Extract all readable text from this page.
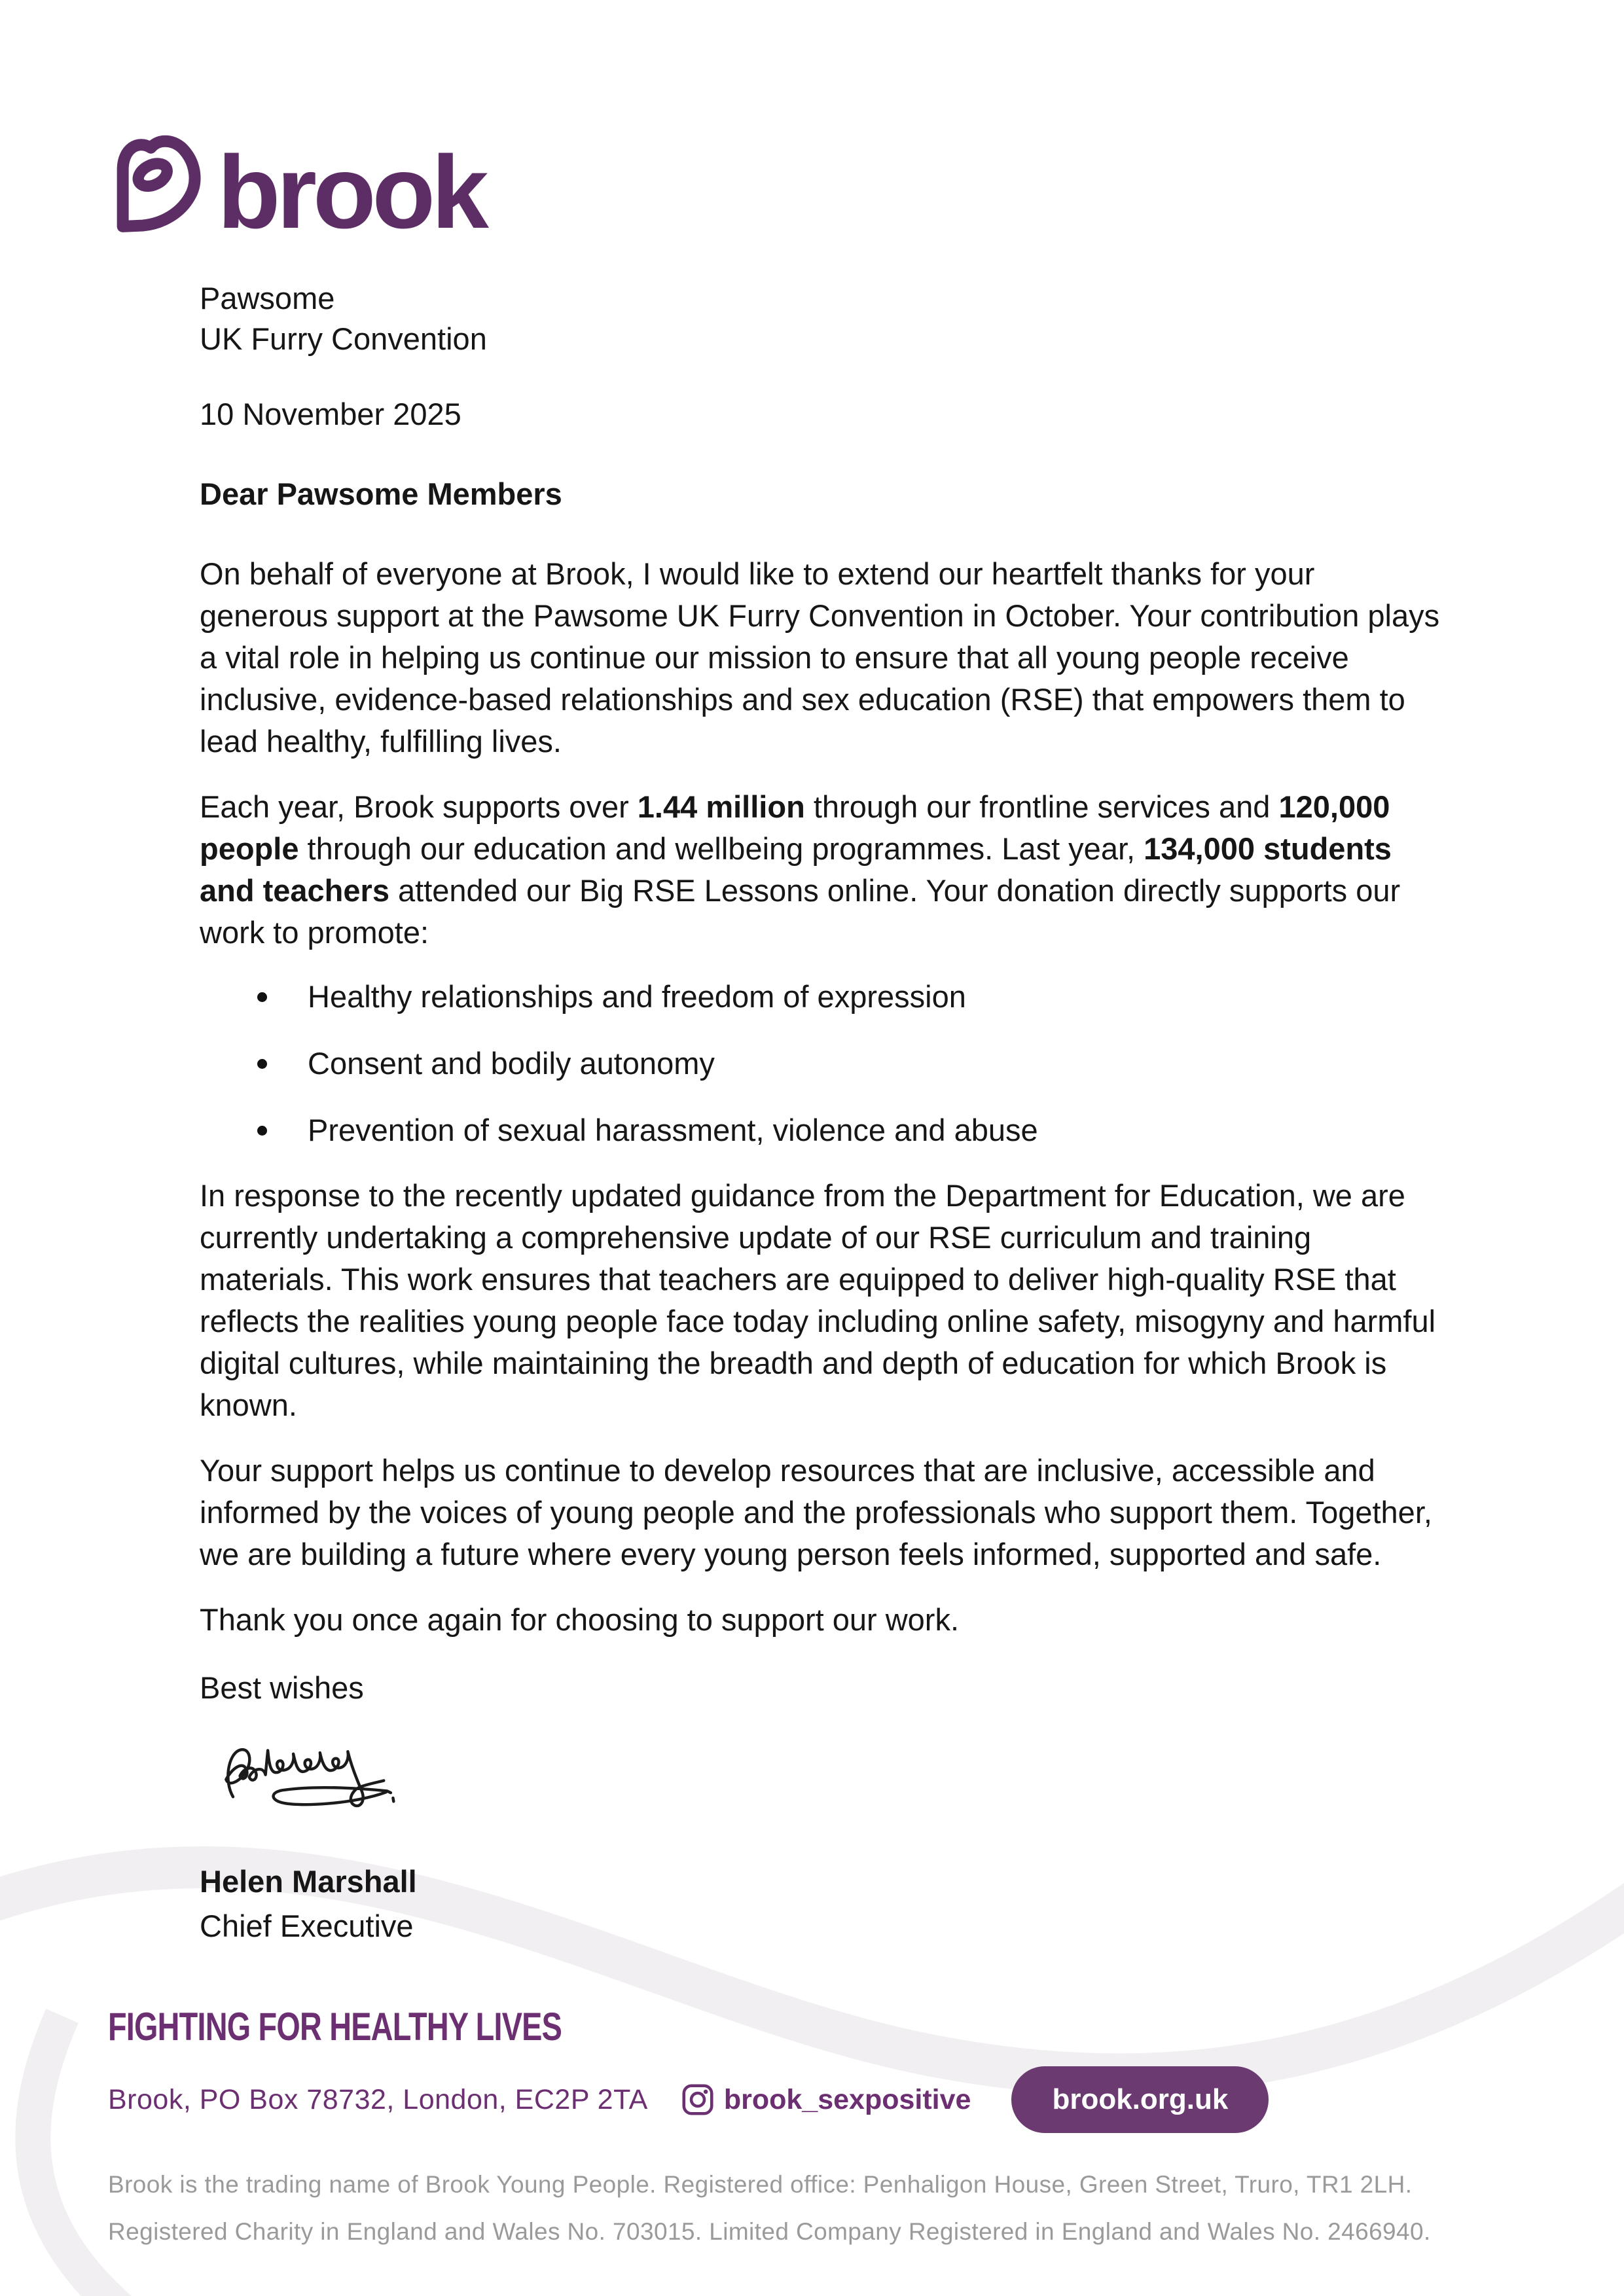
brook
Pawsome
UK Furry Convention
10 November 2025
Dear Pawsome Members

On behalf of everyone at Brook, I would like to extend our heartfelt thanks for your generous support at the Pawsome UK Furry Convention in October. Your contribution plays a vital role in helping us continue our mission to ensure that all young people receive inclusive, evidence-based relationships and sex education (RSE) that empowers them to lead healthy, fulfilling lives.

Each year, Brook supports over 1.44 million through our frontline services and 120,000 people through our education and wellbeing programmes. Last year, 134,000 students and teachers attended our Big RSE Lessons online. Your donation directly supports our work to promote:

Healthy relationships and freedom of expression
Consent and bodily autonomy
Prevention of sexual harassment, violence and abuse

In response to the recently updated guidance from the Department for Education, we are currently undertaking a comprehensive update of our RSE curriculum and training materials. This work ensures that teachers are equipped to deliver high-quality RSE that reflects the realities young people face today including online safety, misogyny and harmful digital cultures, while maintaining the breadth and depth of education for which Brook is known.

Your support helps us continue to develop resources that are inclusive, accessible and informed by the voices of young people and the professionals who support them. Together, we are building a future where every young person feels informed, supported and safe.

Thank you once again for choosing to support our work.

Best wishes
Helen Marshall
Chief Executive
FIGHTING FOR HEALTHY LIVES
Brook, PO Box 78732, London, EC2P 2TA	brook_sexpositive	brook.org.uk
Brook is the trading name of Brook Young People. Registered office: Penhaligon House, Green Street, Truro, TR1 2LH.
Registered Charity in England and Wales No. 703015. Limited Company Registered in England and Wales No. 2466940.
